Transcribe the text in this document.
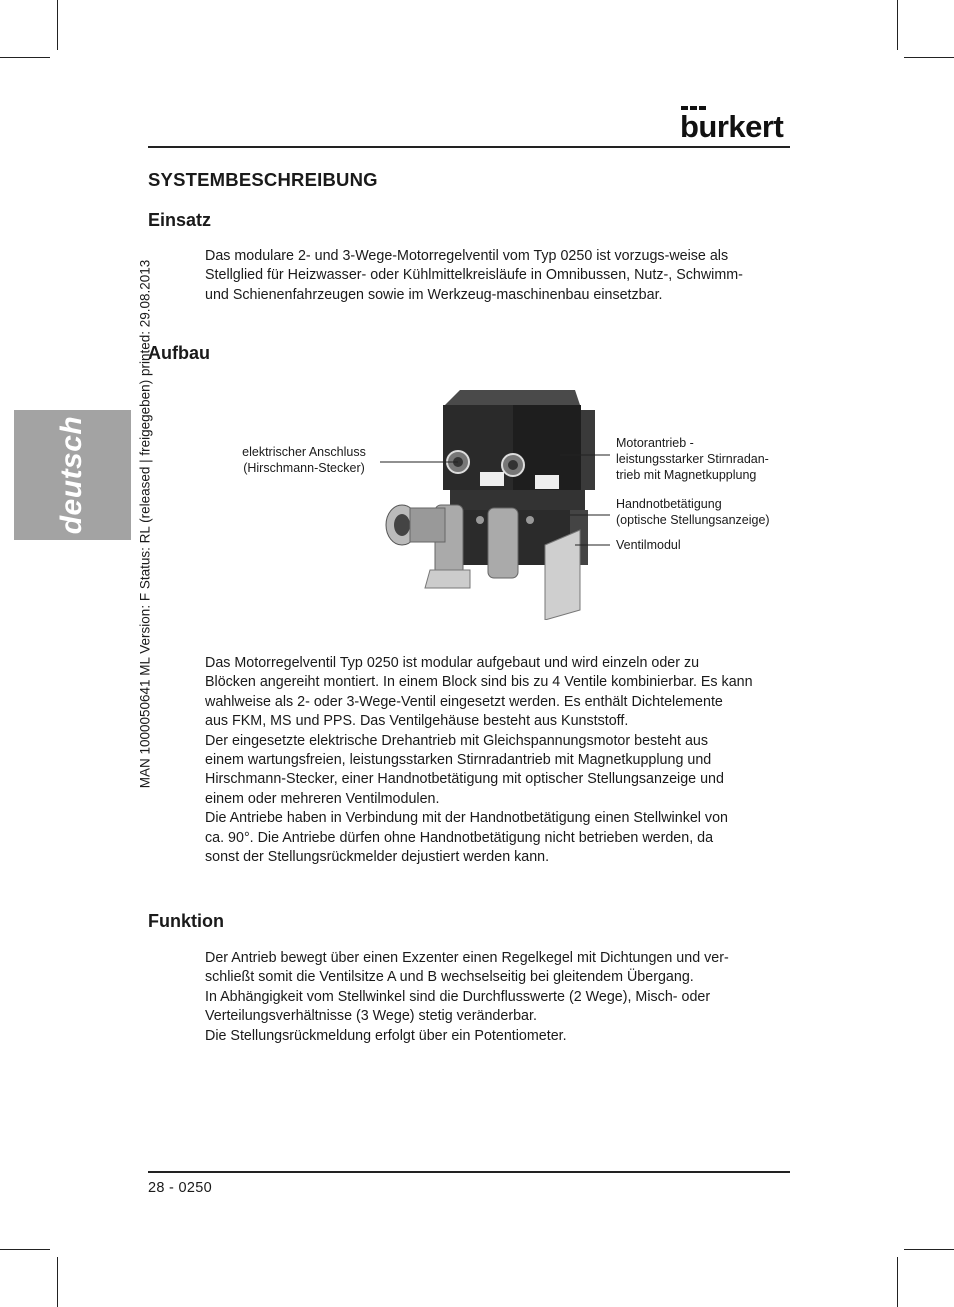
burkert
deutsch	MAN 1000050641 ML Version: F Status: RL (released | freigegeben) printed: 29.08.2013
SYSTEMBESCHREIBUNG
Einsatz

Das modulare 2- und 3-Wege-Motorregelventil vom Typ 0250 ist vorzugs-weise als
Stellglied für Heizwasser- oder Kühlmittelkreisläufe in Omnibussen, Nutz-, Schwimm-
und Schienenfahrzeugen sowie im Werkzeug-maschinenbau einsetzbar.

Aufbau
elektrischer Anschluss
(Hirschmann-Stecker)
Motorantrieb -
leistungsstarker Stirnradan-
trieb mit Magnetkupplung
Handnotbetätigung
(optische Stellungsanzeige)
Ventilmodul

Das Motorregelventil Typ 0250 ist modular aufgebaut und wird einzeln oder zu
Blöcken angereiht montiert. In einem Block sind bis zu 4 Ventile kombinierbar. Es kann
wahlweise als 2- oder 3-Wege-Ventil eingesetzt werden. Es enthält Dichtelemente
aus FKM, MS und PPS. Das Ventilgehäuse besteht aus Kunststoff.
Der eingesetzte elektrische Drehantrieb mit Gleichspannungsmotor besteht aus
einem wartungsfreien, leistungsstarken Stirnradantrieb mit Magnetkupplung und
Hirschmann-Stecker, einer Handnotbetätigung mit optischer Stellungsanzeige und
einem oder mehreren Ventilmodulen.
Die Antriebe haben in Verbindung mit der Handnotbetätigung einen Stellwinkel von
ca. 90°. Die Antriebe dürfen ohne Handnotbetätigung nicht betrieben werden, da
sonst der Stellungsrückmelder dejustiert werden kann.

Funktion

Der Antrieb bewegt über einen Exzenter einen Regelkegel mit Dichtungen und ver-
schließt somit die Ventilsitze A und B wechselseitig bei gleitendem Übergang.
In Abhängigkeit vom Stellwinkel sind die Durchflusswerte (2 Wege), Misch- oder
Verteilungsverhältnisse (3 Wege) stetig veränderbar.
Die Stellungsrückmeldung erfolgt über ein Potentiometer.

28 - 0250
